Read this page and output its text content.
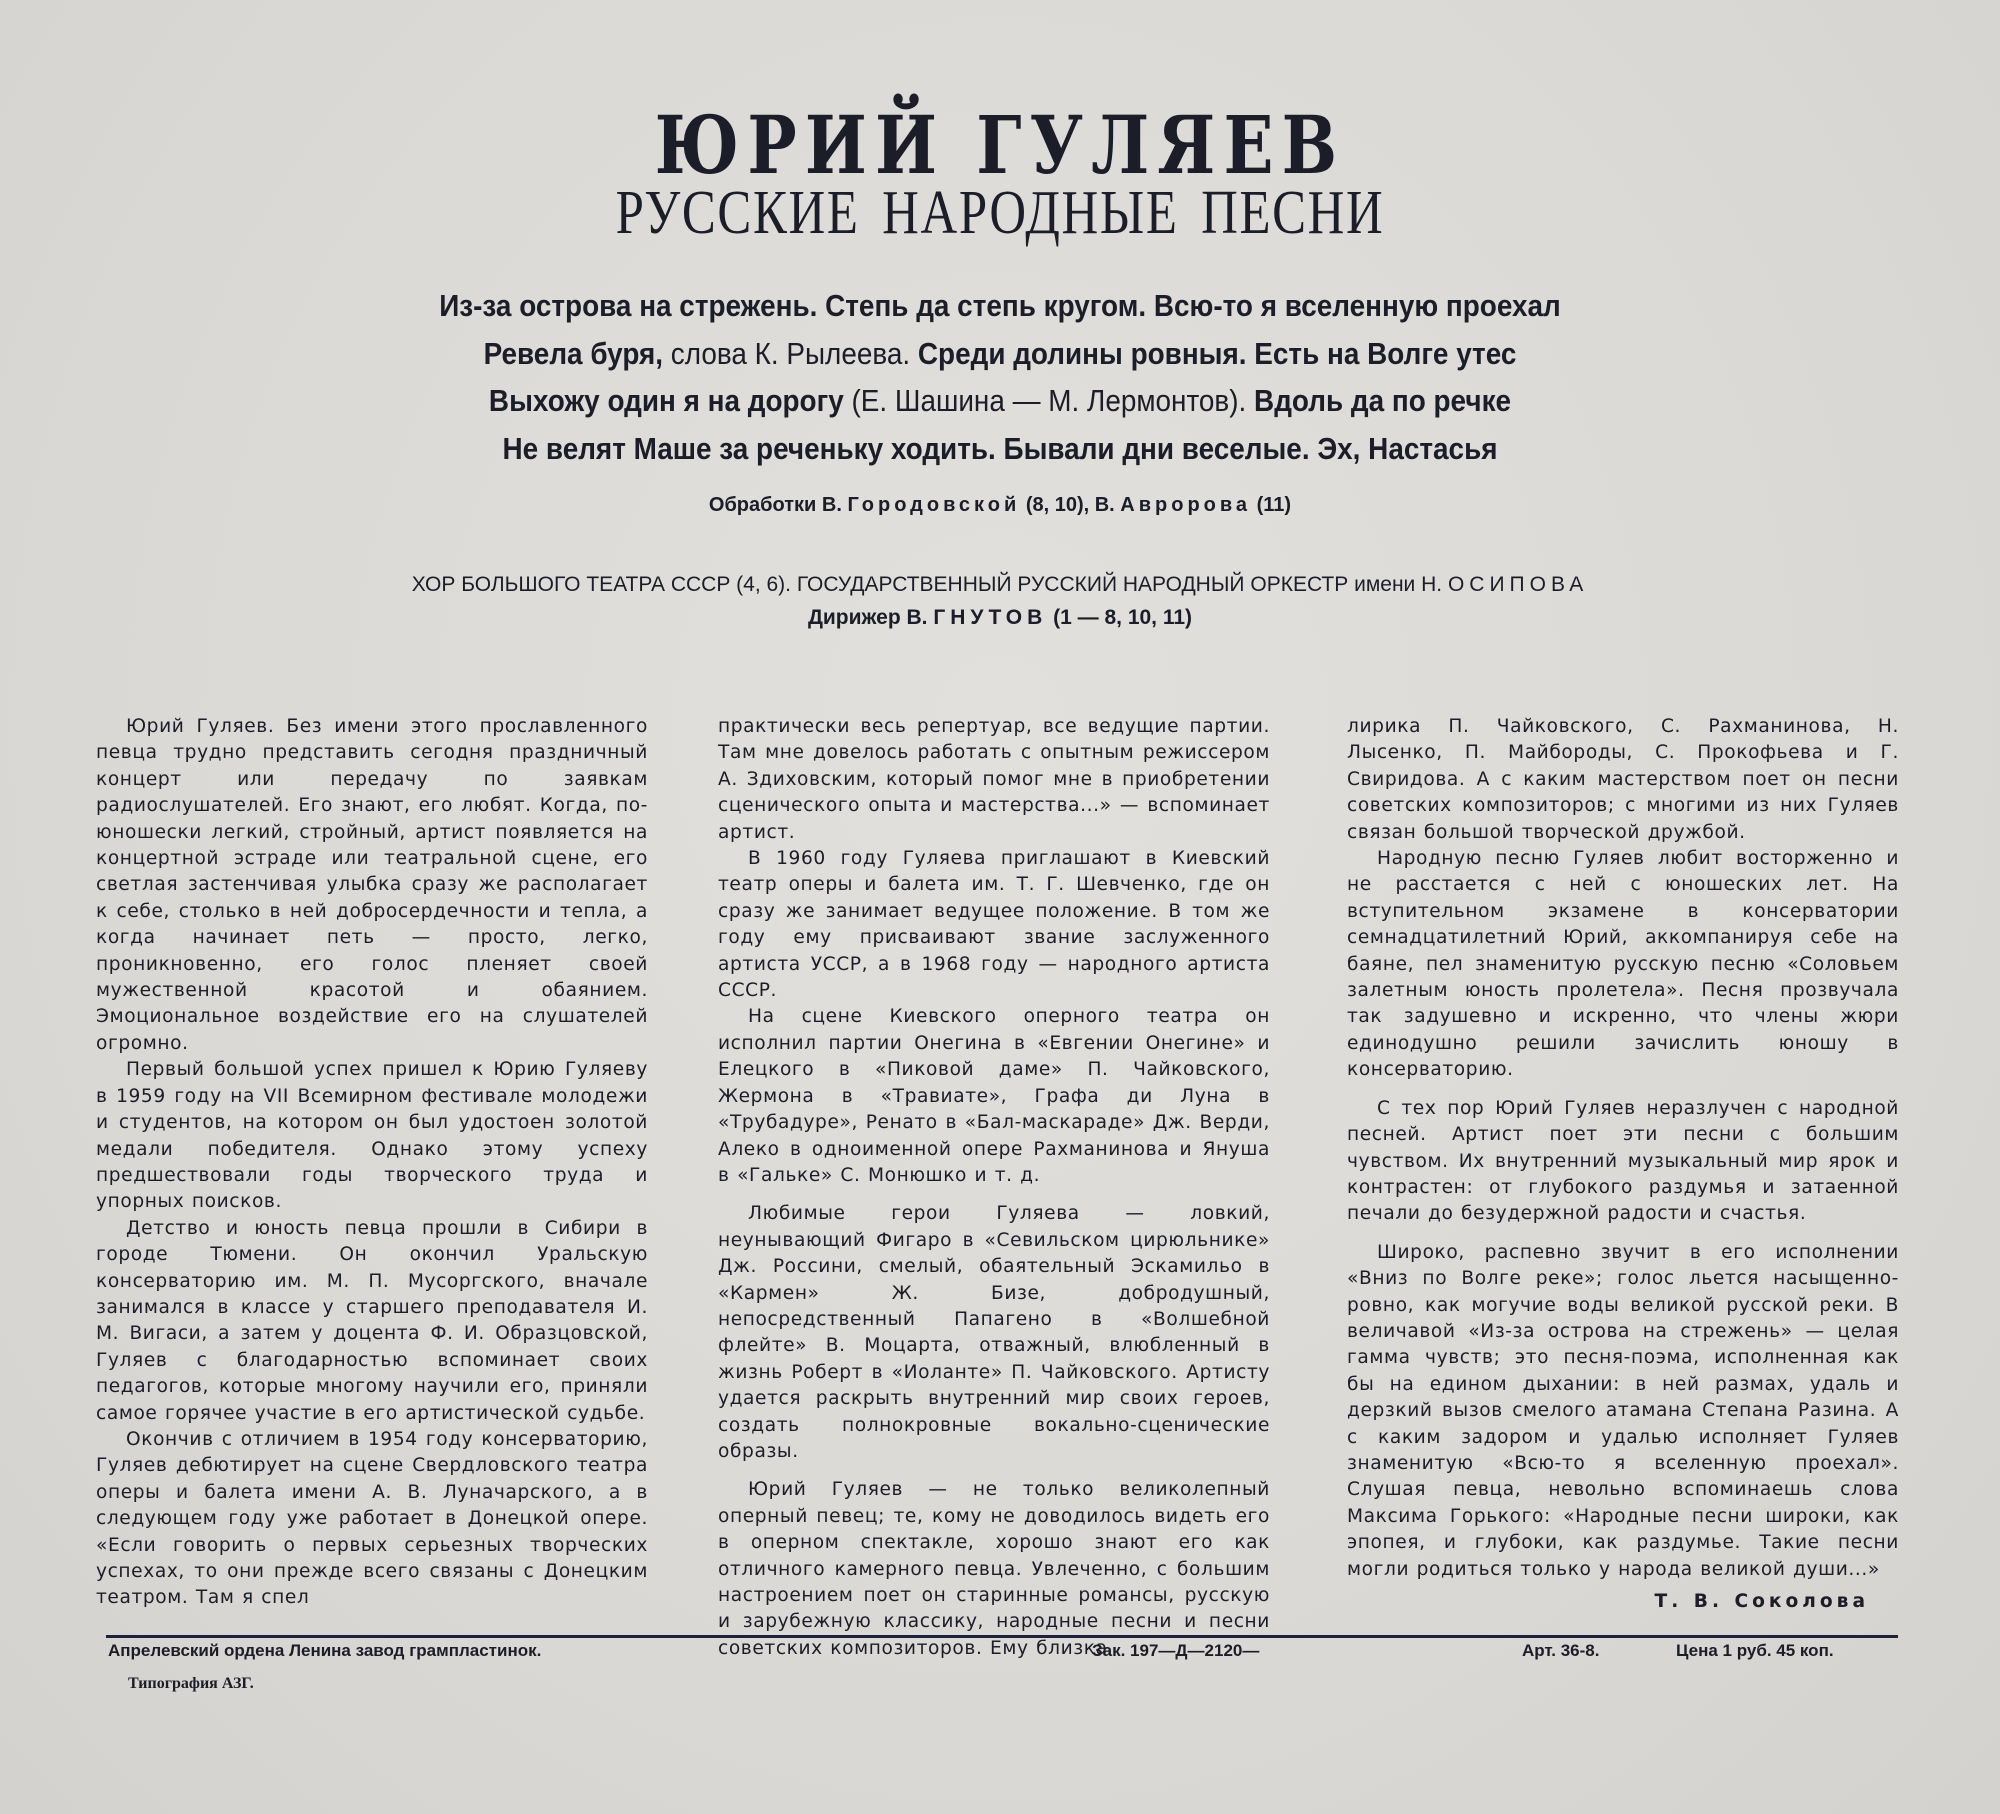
ЮРИЙ ГУЛЯЕВ
РУССКИЕ НАРОДНЫЕ ПЕСНИ
Из-за острова на стрежень. Степь да степь кругом. Всю-то я вселенную проехал
Ревела буря, слова К. Рылеева. Среди долины ровныя. Есть на Волге утес
Выхожу один я на дорогу (Е. Шашина — М. Лермонтов). Вдоль да по речке
Не велят Маше за реченьку ходить. Бывали дни веселые. Эх, Настасья
Обработки В. Городовской (8, 10), В. Авророва (11)
ХОР БОЛЬШОГО ТЕАТРА СССР (4, 6). ГОСУДАРСТВЕННЫЙ РУССКИЙ НАРОДНЫЙ ОРКЕСТР имени Н. ОСИПОВА
Дирижер В. ГНУТОВ (1 — 8, 10, 11)

Юрий Гуляев. Без имени этого прославленного певца трудно представить сегодня праздничный концерт или передачу по заявкам радиослушателей. Его знают, его любят. Когда, по-юношески легкий, стройный, артист появляется на концертной эстраде или театральной сцене, его светлая застенчивая улыбка сразу же располагает к себе, столько в ней добросердечности и тепла, а когда начинает петь — просто, легко, проникновенно, его голос пленяет своей мужественной красотой и обаянием. Эмоциональное воздействие его на слушателей огромно.

Первый большой успех пришел к Юрию Гуляеву в 1959 году на VII Всемирном фестивале молодежи и студентов, на котором он был удостоен золотой медали победителя. Однако этому успеху предшествовали годы творческого труда и упорных поисков.

Детство и юность певца прошли в Сибири в городе Тюмени. Он окончил Уральскую консерваторию им. М. П. Мусоргского, вначале занимался в классе у старшего преподавателя И. М. Вигаси, а затем у доцента Ф. И. Образцовской, Гуляев с благодарностью вспоминает своих педагогов, которые многому научили его, приняли самое горячее участие в его артистической судьбе.

Окончив с отличием в 1954 году консерваторию, Гуляев дебютирует на сцене Свердловского театра оперы и балета имени А. В. Луначарского, а в следующем году уже работает в Донецкой опере. «Если говорить о первых серьезных творческих успехах, то они прежде всего связаны с Донецким театром. Там я спел

практически весь репертуар, все ведущие партии. Там мне довелось работать с опытным режиссером А. Здиховским, который помог мне в приобретении сценического опыта и мастерства...» — вспоминает артист.

В 1960 году Гуляева приглашают в Киевский театр оперы и балета им. Т. Г. Шевченко, где он сразу же занимает ведущее положение. В том же году ему присваивают звание заслуженного артиста УССР, а в 1968 году — народного артиста СССР.

На сцене Киевского оперного театра он исполнил партии Онегина в «Евгении Онегине» и Елецкого в «Пиковой даме» П. Чайковского, Жермона в «Травиате», Графа ди Луна в «Трубадуре», Ренато в «Бал-маскараде» Дж. Верди, Алеко в одноименной опере Рахманинова и Януша в «Гальке» С. Монюшко и т. д.

Любимые герои Гуляева — ловкий, неунывающий Фигаро в «Севильском цирюльнике» Дж. Россини, смелый, обаятельный Эскамильо в «Кармен» Ж. Бизе, добродушный, непосредственный Папагено в «Волшебной флейте» В. Моцарта, отважный, влюбленный в жизнь Роберт в «Иоланте» П. Чайковского. Артисту удается раскрыть внутренний мир своих героев, создать полнокровные вокально-сценические образы.

Юрий Гуляев — не только великолепный оперный певец; те, кому не доводилось видеть его в оперном спектакле, хорошо знают его как отличного камерного певца. Увлеченно, с большим настроением поет он старинные романсы, русскую и зарубежную классику, народные песни и песни советских композиторов. Ему близка

лирика П. Чайковского, С. Рахманинова, Н. Лысенко, П. Майбороды, С. Прокофьева и Г. Свиридова. А с каким мастерством поет он песни советских композиторов; с многими из них Гуляев связан большой творческой дружбой.

Народную песню Гуляев любит восторженно и не расстается с ней с юношеских лет. На вступительном экзамене в консерватории семнадцатилетний Юрий, аккомпанируя себе на баяне, пел знаменитую русскую песню «Соловьем залетным юность пролетела». Песня прозвучала так задушевно и искренно, что члены жюри единодушно решили зачислить юношу в консерваторию.

С тех пор Юрий Гуляев неразлучен с народной песней. Артист поет эти песни с большим чувством. Их внутренний музыкальный мир ярок и контрастен: от глубокого раздумья и затаенной печали до безудержной радости и счастья.

Широко, распевно звучит в его исполнении «Вниз по Волге реке»; голос льется насыщенно-ровно, как могучие воды великой русской реки. В величавой «Из-за острова на стрежень» — целая гамма чувств; это песня-поэма, исполненная как бы на едином дыхании: в ней размах, удаль и дерзкий вызов смелого атамана Степана Разина. А с каким задором и удалью исполняет Гуляев знаменитую «Всю-то я вселенную проехал». Слушая певца, невольно вспоминаешь слова Максима Горького: «Народные песни широки, как эпопея, и глубоки, как раздумье. Такие песни могли родиться только у народа великой души...»

Т. В. Соколова
Апрелевский ордена Ленина завод грампластинок.
Типография АЗГ.
Зак. 197—Д—2120—	Арт. 36-8.	Цена 1 руб. 45 коп.
